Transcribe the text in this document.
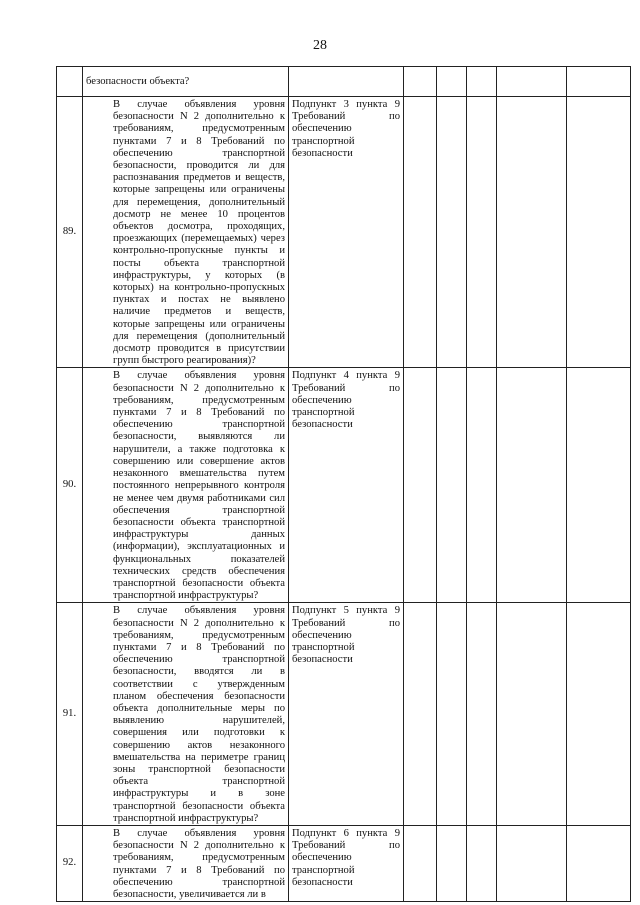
28
	безопасности объекта?						
89.	В случае объявления уровня безопасности N 2 дополнительно к требованиям, предусмотренным пунктами 7 и 8 Требований по обеспечению транспортной безопасности, проводится ли для распознавания предметов и веществ, которые запрещены или ограничены для перемещения, дополнительный досмотр не менее 10 процентов объектов досмотра, проходящих, проезжающих (перемещаемых) через контрольно-пропускные пункты и посты объекта транспортной инфраструктуры, у которых (в которых) на контрольно-пропускных пунктах и постах не выявлено наличие предметов и веществ, которые запрещены или ограничены для перемещения (дополнительный досмотр проводится в присутствии групп быстрого реагирования)?	Подпункт 3 пункта 9 Требований по обеспечению транспортной безопасности					
90.	В случае объявления уровня безопасности N 2 дополнительно к требованиям, предусмотренным пунктами 7 и 8 Требований по обеспечению транспортной безопасности, выявляются ли нарушители, а также подготовка к совершению или совершение актов незаконного вмешательства путем постоянного непрерывного контроля не менее чем двумя работниками сил обеспечения транспортной безопасности объекта транспортной инфраструктуры данных (информации), эксплуатационных и функциональных показателей технических средств обеспечения транспортной безопасности объекта транспортной инфраструктуры?	Подпункт 4 пункта 9 Требований по обеспечению транспортной безопасности					
91.	В случае объявления уровня безопасности N 2 дополнительно к требованиям, предусмотренным пунктами 7 и 8 Требований по обеспечению транспортной безопасности, вводятся ли в соответствии с утвержденным планом обеспечения безопасности объекта дополнительные меры по выявлению нарушителей, совершения или подготовки к совершению актов незаконного вмешательства на периметре границ зоны транспортной безопасности объекта транспортной инфраструктуры и в зоне транспортной безопасности объекта транспортной инфраструктуры?	Подпункт 5 пункта 9 Требований по обеспечению транспортной безопасности					
92.	В случае объявления уровня безопасности N 2 дополнительно к требованиям, предусмотренным пунктами 7 и 8 Требований по обеспечению транспортной безопасности, увеличивается ли в	Подпункт 6 пункта 9 Требований по обеспечению транспортной безопасности					
